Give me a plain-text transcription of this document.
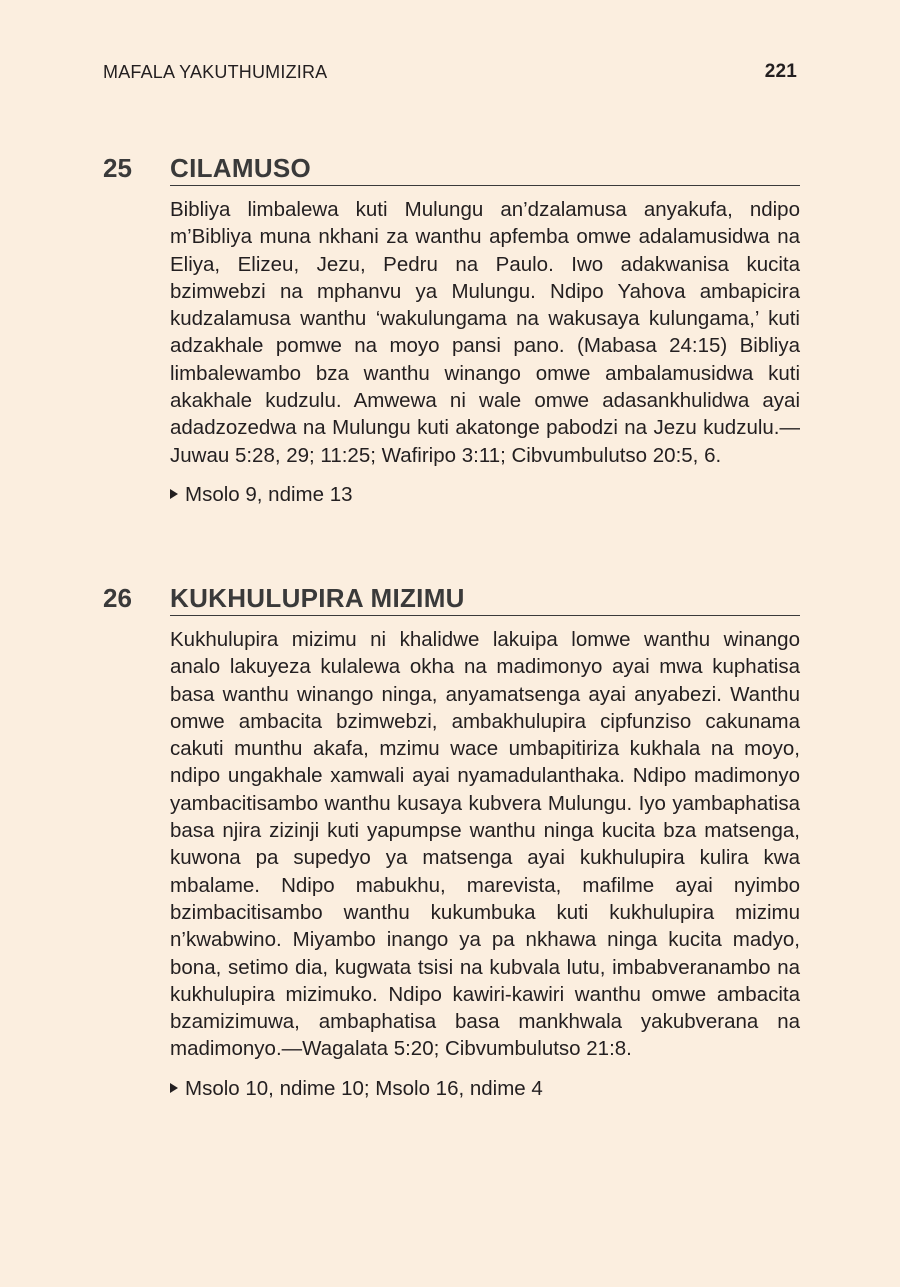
MAFALA YAKUTHUMIZIRA	221
25 CILAMUSO
Bibliya limbalewa kuti Mulungu an’dzalamusa anyakufa, ndipo m’Bibliya muna nkhani za wanthu apfemba omwe adalamusidwa na Eliya, Elizeu, Jezu, Pedru na Paulo. Iwo adakwanisa kucita bzimwebzi na mphanvu ya Mulungu. Ndipo Yahova ambapicira kudzalamusa wanthu ‘wakulungama na wakusaya kulungama,’ kuti adzakhale pomwe na moyo pansi pano. (Mabasa 24:15) Bibliya limbalewambo bza wanthu winango omwe ambalamusidwa kuti akakhale kudzulu. Amwewa ni wale omwe adasankhulidwa ayai adadzozedwa na Mulungu kuti akatonge pabodzi na Jezu kudzulu.—Juwau 5:28, 29; 11:25; Wafiripo 3:11; Cibvumbulutso 20:5, 6.
Msolo 9, ndime 13
26 KUKHULUPIRA MIZIMU
Kukhulupira mizimu ni khalidwe lakuipa lomwe wanthu winango analo lakuyeza kulalewa okha na madimonyo ayai mwa kuphatisa basa wanthu winango ninga, anyamatsenga ayai anyabezi. Wanthu omwe ambacita bzimwebzi, ambakhulupira cipfunziso cakunama cakuti munthu akafa, mzimu wace umbapitiriza kukhala na moyo, ndipo ungakhale xamwali ayai nyamadulanthaka. Ndipo madimonyo yambacitisambo wanthu kusaya kubvera Mulungu. Iyo yambaphatisa basa njira zizinji kuti yapumpse wanthu ninga kucita bza matsenga, kuwona pa supedyo ya matsenga ayai kukhulupira kulira kwa mbalame. Ndipo mabukhu, marevista, mafilme ayai nyimbo bzimbacitisambo wanthu kukumbuka kuti kukhulupira mizimu n’kwabwino. Miyambo inango ya pa nkhawa ninga kucita madyo, bona, setimo dia, kugwata tsisi na kubvala lutu, imbabveranambo na kukhulupira mizimuko. Ndipo kawiri-kawiri wanthu omwe ambacita bzamizimuwa, ambaphatisa basa mankhwala yakubverana na madimonyo.—Wagalata 5:20; Cibvumbulutso 21:8.
Msolo 10, ndime 10; Msolo 16, ndime 4
